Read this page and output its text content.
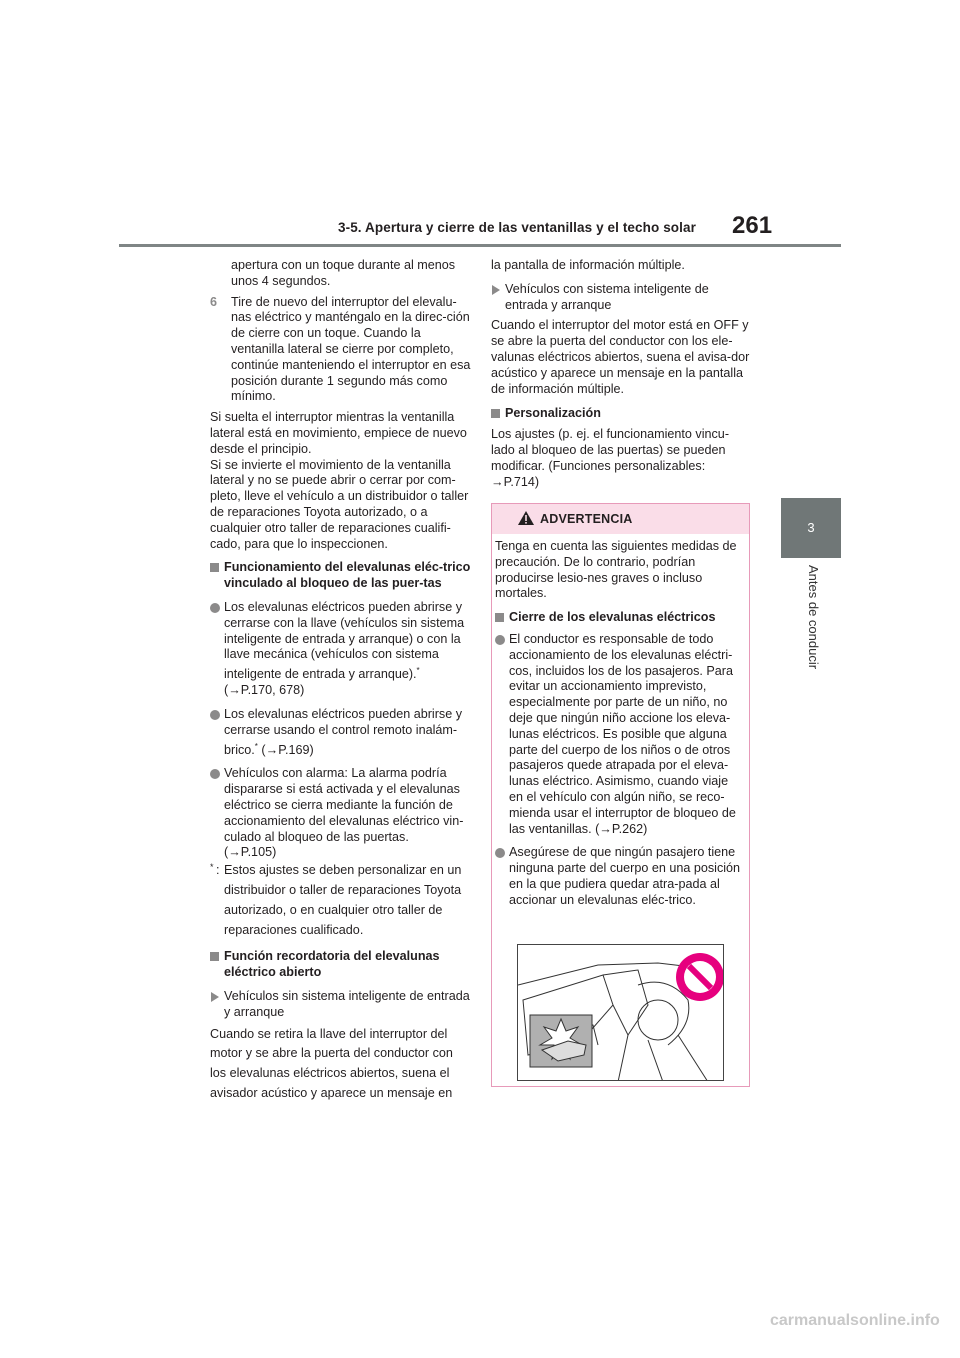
3-5. Apertura y cierre de las ventanillas y el techo solar 261
3
Antes de conducir

apertura con un toque durante al menos unos 4 segundos.

6 Tire de nuevo del interruptor del elevalu-nas eléctrico y manténgalo en la direc-ción de cierre con un toque. Cuando la ventanilla lateral se cierre por completo, continúe manteniendo el interruptor en esa posición durante 1 segundo más como mínimo.

Si suelta el interruptor mientras la ventanilla lateral está en movimiento, empiece de nuevo desde el principio.

Si se invierte el movimiento de la ventanilla lateral y no se puede abrir o cerrar por com-pleto, lleve el vehículo a un distribuidor o taller de reparaciones Toyota autorizado, o a cualquier otro taller de reparaciones cualifi-cado, para que lo inspeccionen.

Funcionamiento del elevalunas eléc-trico vinculado al bloqueo de las puer-tas

Los elevalunas eléctricos pueden abrirse y cerrarse con la llave (vehículos sin sistema inteligente de entrada y arranque) o con la llave mecánica (vehículos con sistema inteligente de entrada y arranque).*
(→P.170, 678)

Los elevalunas eléctricos pueden abrirse y cerrarse usando el control remoto inalám-brico.* (→P.169)

Vehículos con alarma: La alarma podría dispararse si está activada y el elevalunas eléctrico se cierra mediante la función de accionamiento del elevalunas eléctrico vin-culado al bloqueo de las puertas.
(→P.105)

* : Estos ajustes se deben personalizar en un distribuidor o taller de reparaciones Toyota autorizado, o en cualquier otro taller de reparaciones cualificado.

Función recordatoria del elevalunas eléctrico abierto

Vehículos sin sistema inteligente de entrada y arranque

Cuando se retira la llave del interruptor del motor y se abre la puerta del conductor con los elevalunas eléctricos abiertos, suena el avisador acústico y aparece un mensaje en

la pantalla de información múltiple.

Vehículos con sistema inteligente de entrada y arranque

Cuando el interruptor del motor está en OFF y se abre la puerta del conductor con los ele-valunas eléctricos abiertos, suena el avisa-dor acústico y aparece un mensaje en la pantalla de información múltiple.

Personalización

Los ajustes (p. ej. el funcionamiento vincu-lado al bloqueo de las puertas) se pueden modificar. (Funciones personalizables:

→P.714)

ADVERTENCIA

Tenga en cuenta las siguientes medidas de precaución. De lo contrario, podrían producirse lesio-nes graves o incluso mortales.

Cierre de los elevalunas eléctricos

El conductor es responsable de todo accionamiento de los elevalunas eléctri-cos, incluidos los de los pasajeros. Para evitar un accionamiento imprevisto, especialmente por parte de un niño, no deje que ningún niño accione los eleva-lunas eléctricos. Es posible que alguna parte del cuerpo de los niños o de otros pasajeros quede atrapada por el eleva-lunas eléctrico. Asimismo, cuando viaje en el vehículo con algún niño, se reco-mienda usar el interruptor de bloqueo de las ventanillas. (→P.262)

Asegúrese de que ningún pasajero tiene ninguna parte del cuerpo en una posición en la que pudiera quedar atra-pada al accionar un elevalunas eléc-trico.

carmanualsonline.info
